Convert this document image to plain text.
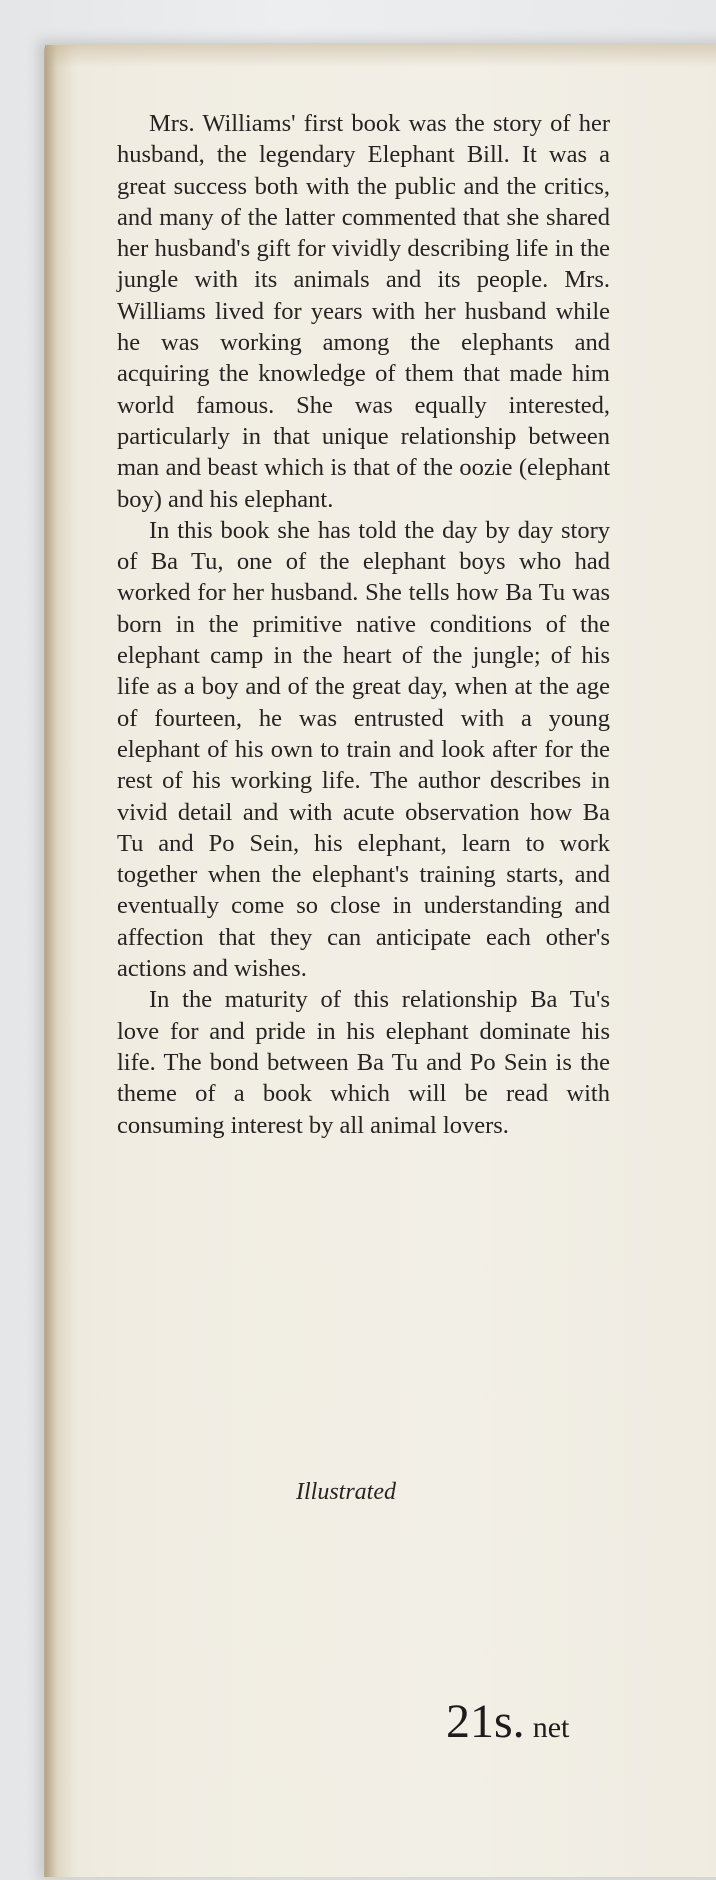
Mrs. Williams' first book was the story of her husband, the legendary Elephant Bill. It was a great success both with the public and the critics, and many of the latter commented that she shared her husband's gift for vividly describing life in the jungle with its animals and its people. Mrs. Williams lived for years with her husband while he was working among the elephants and acquiring the knowledge of them that made him world famous. She was equally interested, particularly in that unique relationship between man and beast which is that of the oozie (elephant boy) and his elephant.

In this book she has told the day by day story of Ba Tu, one of the elephant boys who had worked for her husband. She tells how Ba Tu was born in the primitive native conditions of the elephant camp in the heart of the jungle; of his life as a boy and of the great day, when at the age of fourteen, he was entrusted with a young elephant of his own to train and look after for the rest of his working life. The author describes in vivid detail and with acute observation how Ba Tu and Po Sein, his elephant, learn to work together when the elephant's training starts, and eventually come so close in understanding and affection that they can anticipate each other's actions and wishes.

In the maturity of this relationship Ba Tu's love for and pride in his elephant dominate his life. The bond between Ba Tu and Po Sein is the theme of a book which will be read with consuming interest by all animal lovers.

Illustrated
21s. net
